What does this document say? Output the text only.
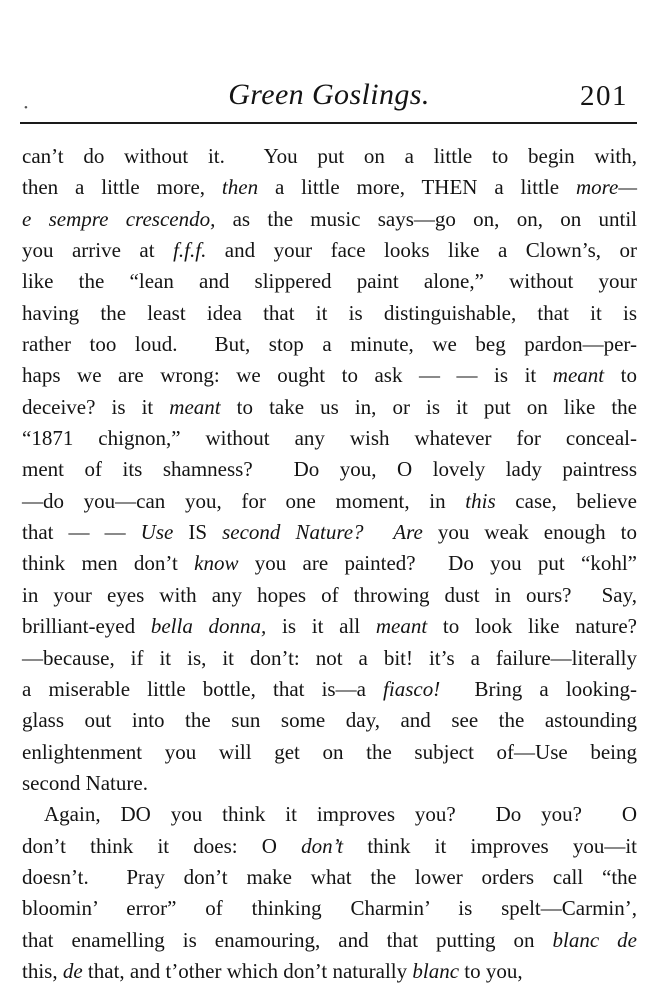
•	Green Goslings.	201
can’t do without it.  You put on a little to begin with,
then a little more, then a little more, THEN a little more—
e sempre crescendo, as the music says—go on, on, on until
you arrive at f.f.f. and your face looks like a Clown’s, or
like the “lean and slippered paint alone,” without your
having the least idea that it is distinguishable, that it is
rather too loud.  But, stop a minute, we beg pardon—per-
haps we are wrong: we ought to ask — — is it meant to
deceive? is it meant to take us in, or is it put on like the
“1871 chignon,” without any wish whatever for conceal-
ment of its shamness?  Do you, O lovely lady paintress
—do you—can you, for one moment, in this case, believe
that — — Use IS second Nature?  Are you weak enough to
think men don’t know you are painted?  Do you put “kohl”
in your eyes with any hopes of throwing dust in ours?  Say,
brilliant-eyed bella donna, is it all meant to look like nature?
—because, if it is, it don’t: not a bit! it’s a failure—literally
a miserable little bottle, that is—a fiasco!  Bring a looking-
glass out into the sun some day, and see the astounding
enlightenment you will get on the subject of—Use being
second Nature.
Again, DO you think it improves you?  Do you?  O
don’t think it does: O don’t think it improves you—it
doesn’t.  Pray don’t make what the lower orders call “the
bloomin’ error” of thinking Charmin’ is spelt—Carmin’,
that enamelling is enamouring, and that putting on blanc de
this, de that, and t’other which don’t naturally blanc to you,
